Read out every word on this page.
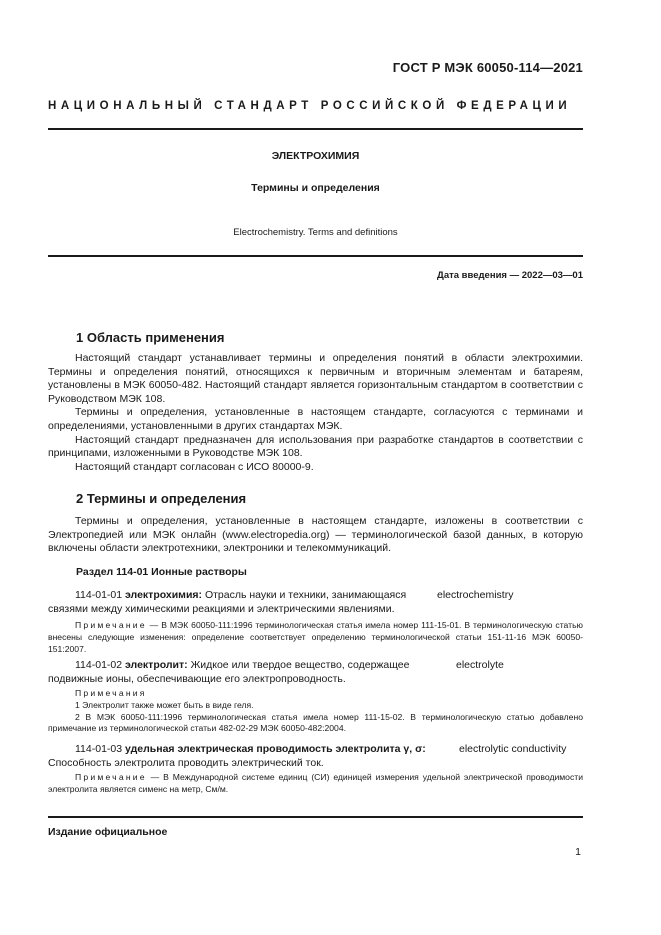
ГОСТ Р МЭК 60050-114—2021
НАЦИОНАЛЬНЫЙ СТАНДАРТ РОССИЙСКОЙ ФЕДЕРАЦИИ
ЭЛЕКТРОХИМИЯ
Термины и определения
Electrochemistry. Terms and definitions
Дата введения — 2022—03—01
1 Область применения

Настоящий стандарт устанавливает термины и определения понятий в области электрохимии. Термины и определения понятий, относящихся к первичным и вторичным элементам и батареям, установлены в МЭК 60050-482. Настоящий стандарт является горизонтальным стандартом в соответствии с Руководством МЭК 108.

Термины и определения, установленные в настоящем стандарте, согласуются с терминами и определениями, установленными в других стандартах МЭК.

Настоящий стандарт предназначен для использования при разработке стандартов в соответствии с принципами, изложенными в Руководстве МЭК 108.

Настоящий стандарт согласован с ИСО 80000-9.

2 Термины и определения

Термины и определения, установленные в настоящем стандарте, изложены в соответствии с Электропедией или МЭК онлайн (www.electropedia.org) — терминологической базой данных, в которую включены области электротехники, электроники и телекоммуникаций.

Раздел 114-01 Ионные растворы
114-01-01 электрохимия: Отрасль науки и техники, занимающаяся	electrochemistry
связями между химическими реакциями и электрическими явлениями.

Примечание — В МЭК 60050-111:1996 терминологическая статья имела номер 111-15-01. В терминологическую статью внесены следующие изменения: определение соответствует определению терминологической статьи 151-11-16 МЭК 60050-151:2007.

114-01-02 электролит: Жидкое или твердое вещество, содержащее	electrolyte
подвижные ионы, обеспечивающие его электропроводность.

Примечания

1 Электролит также может быть в виде геля.

2 В МЭК 60050-111:1996 терминологическая статья имела номер 111-15-02. В терминологическую статью добавлено примечание из терминологической статьи 482-02-29 МЭК 60050-482:2004.

114-01-03 удельная электрическая проводимость электролита γ, σ:	electrolytic conductivity
Способность электролита проводить электрический ток.

Примечание — В Международной системе единиц (СИ) единицей измерения удельной электрической проводимости электролита является сименс на метр, См/м.

Издание официальное
1
